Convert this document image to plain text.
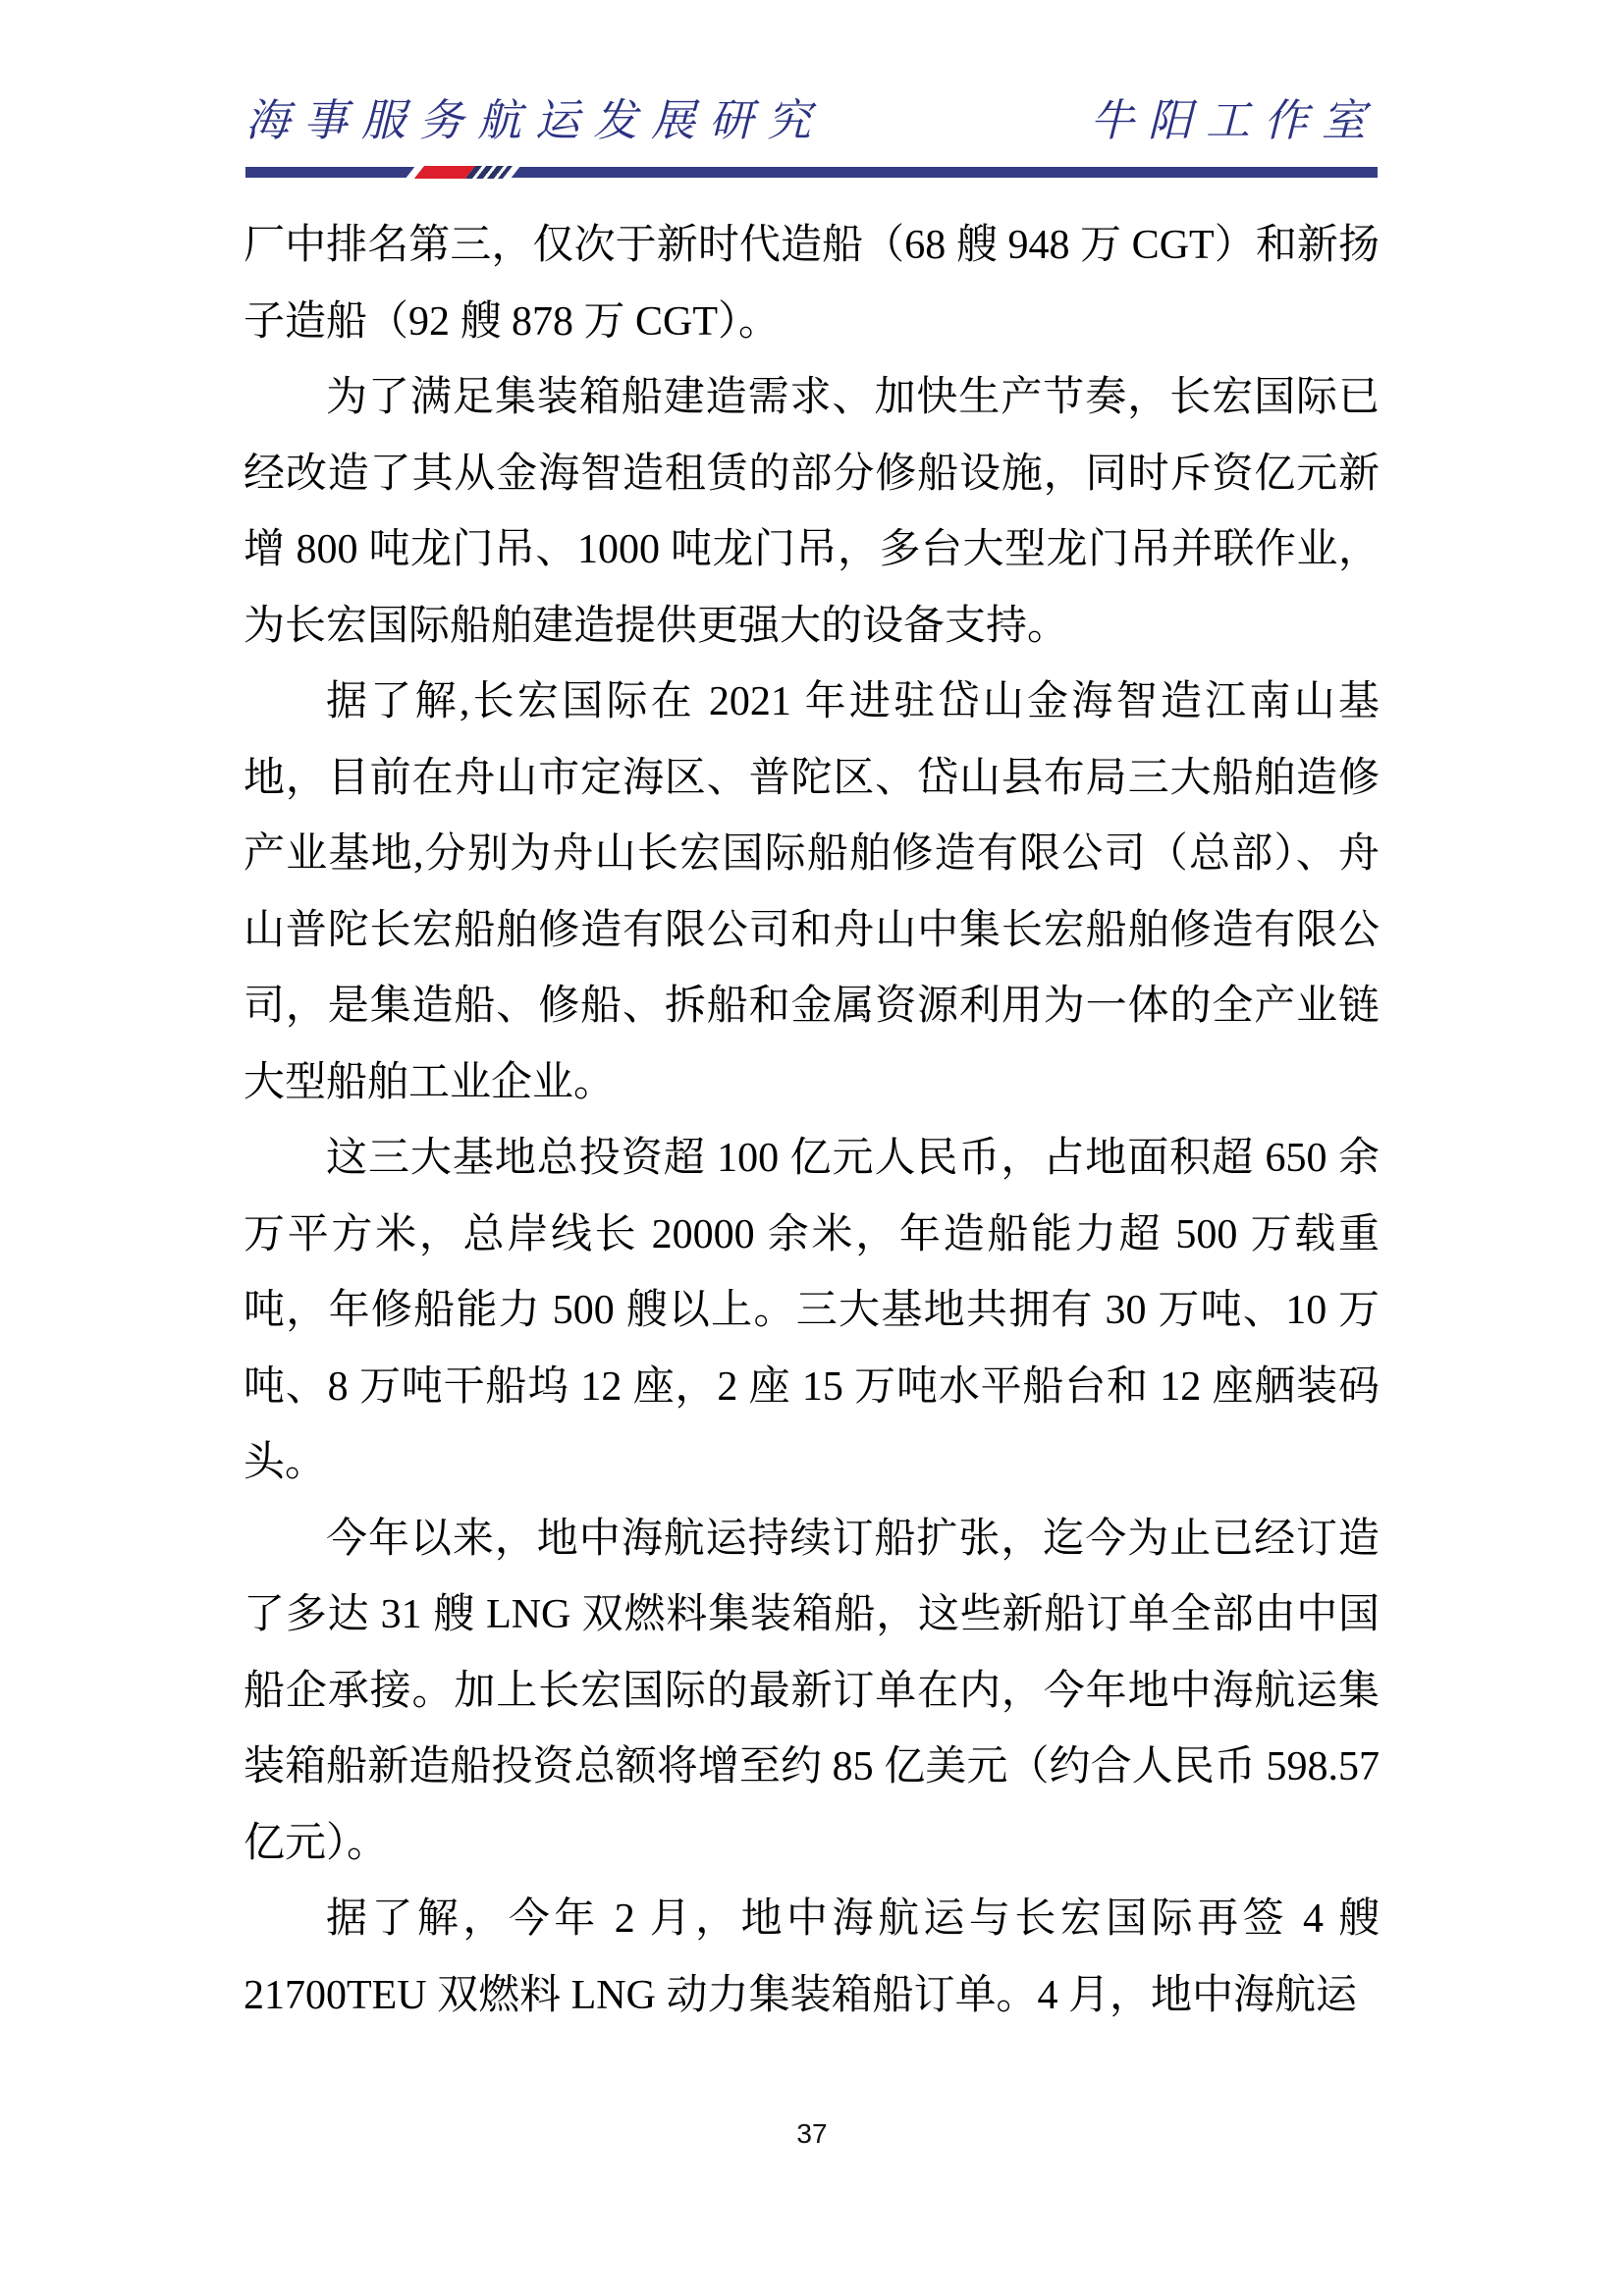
海事服务航运发展研究	牛阳工作室

厂中排名第三，仅次于新时代造船（68 艘 948 万 CGT）和新扬子造船（92 艘 878 万 CGT）。

为了满足集装箱船建造需求、加快生产节奏，长宏国际已经改造了其从金海智造租赁的部分修船设施，同时斥资亿元新增 800 吨龙门吊、1000 吨龙门吊，多台大型龙门吊并联作业，为长宏国际船舶建造提供更强大的设备支持。

据了解,长宏国际在 2021 年进驻岱山金海智造江南山基地，目前在舟山市定海区、普陀区、岱山县布局三大船舶造修产业基地,分别为舟山长宏国际船舶修造有限公司（总部）、舟山普陀长宏船舶修造有限公司和舟山中集长宏船舶修造有限公司，是集造船、修船、拆船和金属资源利用为一体的全产业链大型船舶工业企业。

这三大基地总投资超 100 亿元人民币，占地面积超 650 余万平方米，总岸线长 20000 余米，年造船能力超 500 万载重吨，年修船能力 500 艘以上。三大基地共拥有 30 万吨、10 万吨、8 万吨干船坞 12 座，2 座 15 万吨水平船台和 12 座舾装码头。

今年以来，地中海航运持续订船扩张，迄今为止已经订造了多达 31 艘 LNG 双燃料集装箱船，这些新船订单全部由中国船企承接。加上长宏国际的最新订单在内，今年地中海航运集装箱船新造船投资总额将增至约 85 亿美元（约合人民币 598.57 亿元）。

据了解，今年 2 月，地中海航运与长宏国际再签 4 艘 21700TEU 双燃料 LNG 动力集装箱船订单。4 月，地中海航运

37
